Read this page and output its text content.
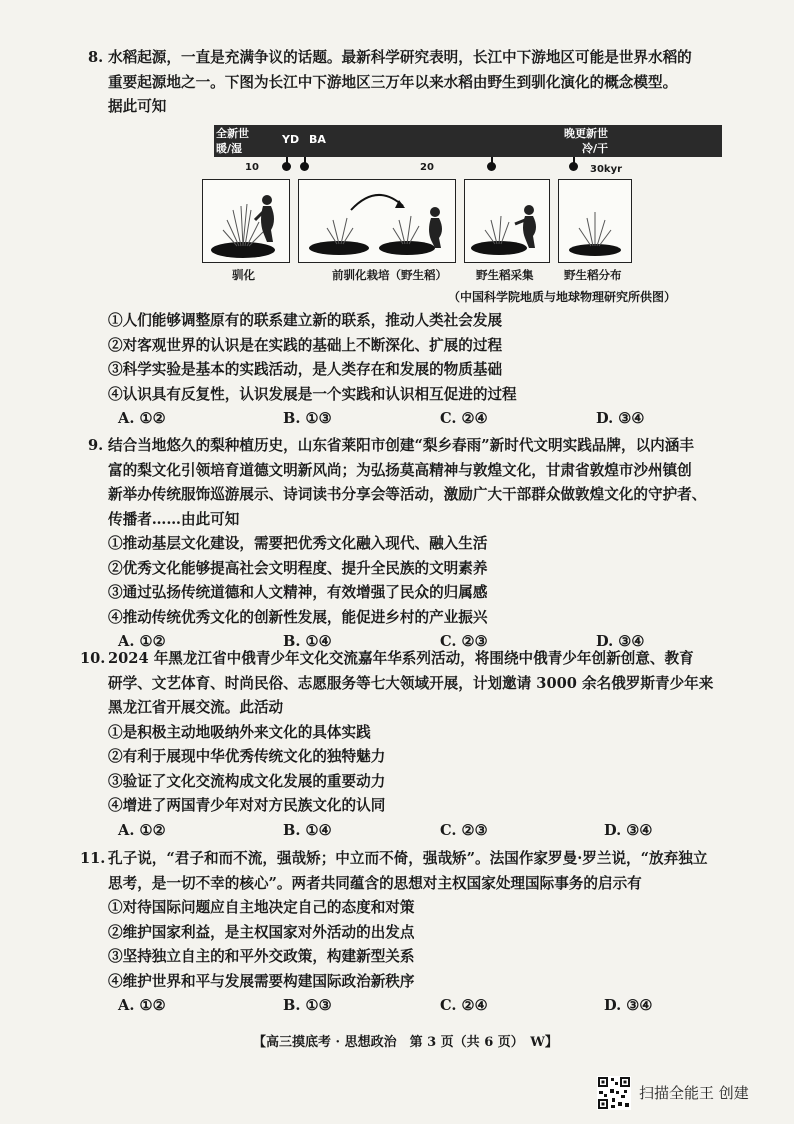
8. 水稻起源，一直是充满争议的话题。最新科学研究表明，长江中下游地区可能是世界水稻的
重要起源地之一。下图为长江中下游地区三万年以来水稻由野生到驯化演化的概念模型。
据此可知
全新世
暖/湿
YD BA	晚更新世
冷/干
10	20	30kyr
驯化	前驯化栽培（野生稻）	野生稻采集	野生稻分布
（中国科学院地质与地球物理研究所供图）
①人们能够调整原有的联系建立新的联系，推动人类社会发展
②对客观世界的认识是在实践的基础上不断深化、扩展的过程
③科学实验是基本的实践活动，是人类存在和发展的物质基础
④认识具有反复性，认识发展是一个实践和认识相互促进的过程
A. ①②	B. ①③	C. ②④	D. ③④
9. 结合当地悠久的梨种植历史，山东省莱阳市创建“梨乡春雨”新时代文明实践品牌，以内涵丰
富的梨文化引领培育道德文明新风尚；为弘扬莫高精神与敦煌文化，甘肃省敦煌市沙州镇创
新举办传统服饰巡游展示、诗词读书分享会等活动，激励广大干部群众做敦煌文化的守护者、
传播者……由此可知
①推动基层文化建设，需要把优秀文化融入现代、融入生活
②优秀文化能够提高社会文明程度、提升全民族的文明素养
③通过弘扬传统道德和人文精神，有效增强了民众的归属感
④推动传统优秀文化的创新性发展，能促进乡村的产业振兴
A. ①②	B. ①④	C. ②③	D. ③④
10. 2024 年黑龙江省中俄青少年文化交流嘉年华系列活动，将围绕中俄青少年创新创意、教育
研学、文艺体育、时尚民俗、志愿服务等七大领域开展，计划邀请 3000 余名俄罗斯青少年来
黑龙江省开展交流。此活动
①是积极主动地吸纳外来文化的具体实践
②有利于展现中华优秀传统文化的独特魅力
③验证了文化交流构成文化发展的重要动力
④增进了两国青少年对对方民族文化的认同
A. ①②	B. ①④	C. ②③	D. ③④
11. 孔子说，“君子和而不流，强哉矫；中立而不倚，强哉矫”。法国作家罗曼·罗兰说，“放弃独立
思考，是一切不幸的核心”。两者共同蕴含的思想对主权国家处理国际事务的启示有
①对待国际问题应自主地决定自己的态度和对策
②维护国家利益，是主权国家对外活动的出发点
③坚持独立自主的和平外交政策，构建新型关系
④维护世界和平与发展需要构建国际政治新秩序
A. ①②	B. ①③	C. ②④	D. ③④
【高三摸底考 · 思想政治　第 3 页（共 6 页）　W】
扫描全能王 创建
